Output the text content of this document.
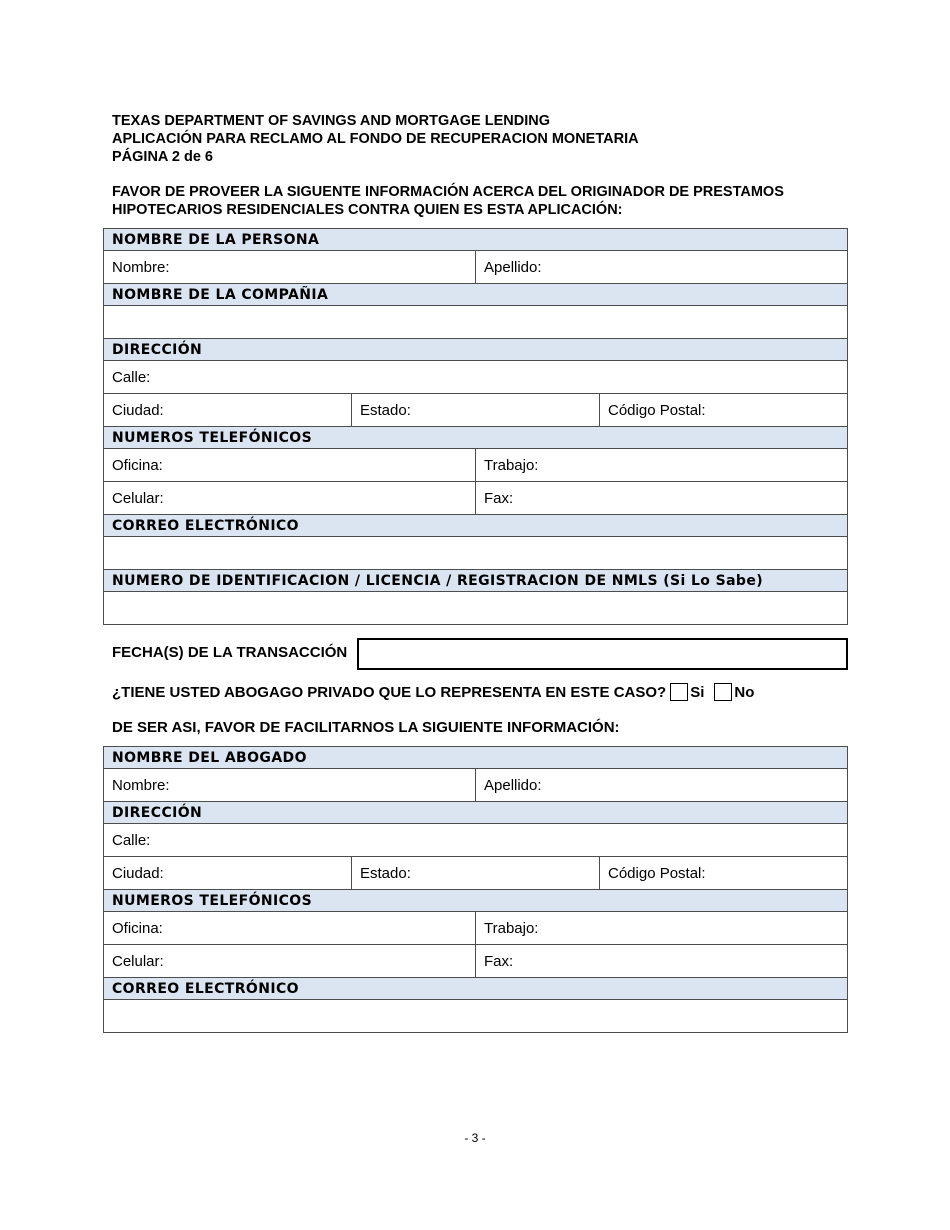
TEXAS DEPARTMENT OF SAVINGS AND MORTGAGE LENDING
APLICACIÓN PARA RECLAMO AL FONDO DE RECUPERACION MONETARIA
PÁGINA 2 de 6
FAVOR DE PROVEER LA SIGUENTE INFORMACIÓN ACERCA DEL ORIGINADOR DE PRESTAMOS
HIPOTECARIOS RESIDENCIALES CONTRA QUIEN ES ESTA APLICACIÓN:
NOMBRE DE LA PERSONA			
Nombre:		Apellido:	
NOMBRE DE LA COMPAÑIA			

DIRECCIÓN			
Calle:			
Ciudad:	Estado:		Código Postal:
NUMEROS TELEFÓNICOS			
Oficina:		Trabajo:	
Celular:		Fax:	
CORREO ELECTRÓNICO			

NUMERO DE IDENTIFICACION / LICENCIA / REGISTRACION DE NMLS (Si Lo Sabe)			

FECHA(S) DE LA TRANSACCIÓN
¿TIENE USTED ABOGAGO PRIVADO QUE LO REPRESENTA EN ESTE CASO? Si No
DE SER ASI, FAVOR DE FACILITARNOS LA SIGUIENTE INFORMACIÓN:
NOMBRE DEL ABOGADO			
Nombre:		Apellido:	
DIRECCIÓN			
Calle:			
Ciudad:	Estado:		Código Postal:
NUMEROS TELEFÓNICOS			
Oficina:		Trabajo:	
Celular:		Fax:	
CORREO ELECTRÓNICO			

- 3 -
